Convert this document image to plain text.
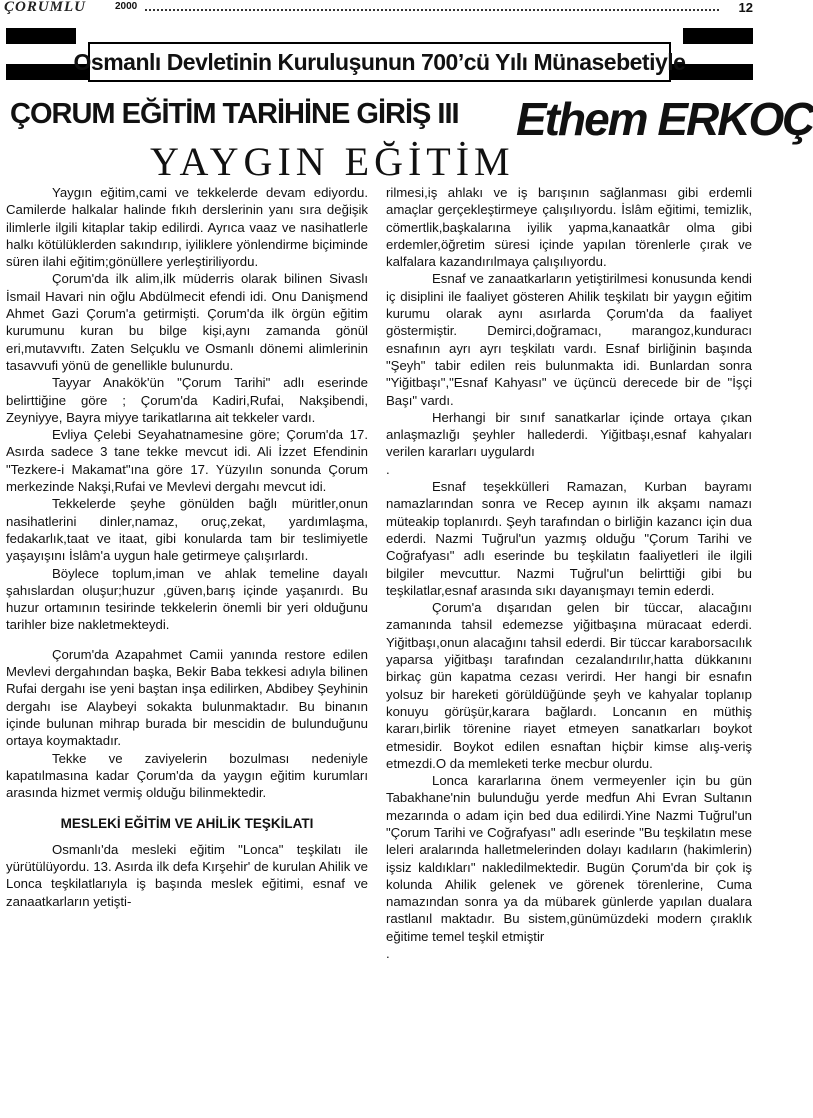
ÇORUMLU	2000	12
Osmanlı Devletinin Kuruluşunun 700’cü Yılı Münasebetiyle
ÇORUM EĞİTİM TARİHİNE GİRİŞ III Ethem ERKOÇ
YAYGIN EĞİTİM

Yaygın eğitim,cami ve tekkelerde devam ediyordu. Camilerde halkalar halinde fıkıh derslerinin yanı sıra değişik ilimlerle ilgili kitaplar takip edilirdi. Ayrıca vaaz ve nasihatlerle halkı kötülüklerden sakındırıp, iyiliklere yönlendirme biçiminde süren ilahi eğitim;gönüllere yerleştiriliyordu.

Çorum'da ilk alim,ilk müderris olarak bilinen Sivaslı İsmail Havari nin oğlu Abdülmecit efendi idi. Onu Danişmend Ahmet Gazi Çorum'a getirmişti. Çorum'da ilk örgün eğitim kurumunu kuran bu bilge kişi,aynı zamanda gönül eri,mutavvıftı. Zaten Selçuklu ve Osmanlı dönemi alimlerinin tasavvufi yönü de genellikle bulunurdu.

Tayyar Anakök'ün "Çorum Tarihi" adlı eserinde belirttiğine göre ; Çorum'da Kadiri,Rufai, Nakşibendi, Zeyniyye, Bayra miyye tarikatlarına ait tekkeler vardı.

Evliya Çelebi Seyahatnamesine göre; Çorum'da 17. Asırda sadece 3 tane tekke mevcut idi. Ali İzzet Efendinin "Tezkere-i Makamat"ına göre 17. Yüzyılın sonunda Çorum merkezinde Nakşi,Rufai ve Mevlevi dergahı mevcut idi.

Tekkelerde şeyhe gönülden bağlı müritler,onun nasihatlerini dinler,namaz, oruç,zekat, yardımlaşma, fedakarlık,taat ve itaat, gibi konularda tam bir teslimiyetle yaşayışını İslâm'a uygun hale getirmeye çalışırlardı.

Böylece toplum,iman ve ahlak temeline dayalı şahıslardan oluşur;huzur ,güven,barış içinde yaşanırdı. Bu huzur ortamının tesirinde tekkelerin önemli bir yeri olduğunu tarihler bize nakletmekteydi.

Çorum'da Azapahmet Camii yanında restore edilen Mevlevi dergahından başka, Bekir Baba tekkesi adıyla bilinen Rufai dergahı ise yeni baştan inşa edilirken, Abdibey Şeyhinin dergahı ise Alaybeyi sokakta bulunmaktadır. Bu binanın içinde bulunan mihrap burada bir mescidin de bulunduğunu ortaya koymaktadır.

Tekke ve zaviyelerin bozulması nedeniyle kapatılmasına kadar Çorum'da da yaygın eğitim kurumları arasında hizmet vermiş olduğu bilinmektedir.

MESLEKİ EĞİTİM VE AHİLİK TEŞKİLATI

Osmanlı'da mesleki eğitim "Lonca" teşkilatı ile yürütülüyordu. 13. Asırda ilk defa Kırşehir' de kurulan Ahilik ve Lonca teşkilatlarıyla iş başında meslek eğitimi, esnaf ve zanaatkarların yetişti-

rilmesi,iş ahlakı ve iş barışının sağlanması gibi erdemli amaçlar gerçekleştirmeye çalışılıyordu. İslâm eğitimi, temizlik, cömertlik,başkalarına iyilik yapma,kanaatkâr olma gibi erdemler,öğretim süresi içinde yapılan törenlerle çırak ve kalfalara kazandırılmaya çalışılıyordu.

Esnaf ve zanaatkarların yetiştirilmesi konusunda kendi iç disiplini ile faaliyet gösteren Ahilik teşkilatı bir yaygın eğitim kurumu olarak aynı asırlarda Çorum'da da faaliyet göstermiştir. Demirci,doğramacı, marangoz,kunduracı esnafının ayrı ayrı teşkilatı vardı. Esnaf birliğinin başında "Şeyh" tabir edilen reis bulunmakta idi. Bunlardan sonra "Yiğitbaşı","Esnaf Kahyası" ve üçüncü derecede bir de "İşçi Başı" vardı.

Herhangi bir sınıf sanatkarlar içinde ortaya çıkan anlaşmazlığı şeyhler hallederdi. Yiğitbaşı,esnaf kahyaları verilen kararları uygulardı

.

Esnaf teşekkülleri Ramazan, Kurban bayramı namazlarından sonra ve Recep ayının ilk akşamı namazı müteakip toplanırdı. Şeyh tarafından o birliğin kazancı için dua ederdi. Nazmi Tuğrul'un yazmış olduğu "Çorum Tarihi ve Coğrafyası" adlı eserinde bu teşkilatın faaliyetleri ile ilgili bilgiler mevcuttur. Nazmi Tuğrul'un belirttiği gibi bu teşkilatlar,esnaf arasında sıkı dayanışmayı temin ederdi.

Çorum'a dışarıdan gelen bir tüccar, alacağını zamanında tahsil edemezse yiğitbaşına müracaat ederdi. Yiğitbaşı,onun alacağını tahsil ederdi. Bir tüccar karaborsacılık yaparsa yiğitbaşı tarafından cezalandırılır,hatta dükkanını birkaç gün kapatma cezası verirdi. Her hangi bir esnafın yolsuz bir hareketi görüldüğünde şeyh ve kahyalar toplanıp konuyu görüşür,karara bağlardı. Loncanın en müthiş kararı,birlik törenine riayet etmeyen sanatkarları boykot etmesidir. Boykot edilen esnaftan hiçbir kimse alış-veriş etmezdi.O da memleketi terke mecbur olurdu.

Lonca kararlarına önem vermeyenler için bu gün Tabakhane'nin bulunduğu yerde medfun Ahi Evran Sultanın mezarında o adam için bed dua edilirdi.Yine Nazmi Tuğrul'un "Çorum Tarihi ve Coğrafyası" adlı eserinde "Bu teşkilatın mese leleri aralarında halletmelerinden dolayı kadıların (hakimlerin) işsiz kaldıkları" nakledilmektedir. Bugün Çorum'da bir çok iş kolunda Ahilik gelenek ve görenek törenlerine, Cuma namazından sonra ya da mübarek günlerde yapılan dualara rastlanıl maktadır. Bu sistem,günümüzdeki modern çıraklık eğitime temel teşkil etmiştir

.
